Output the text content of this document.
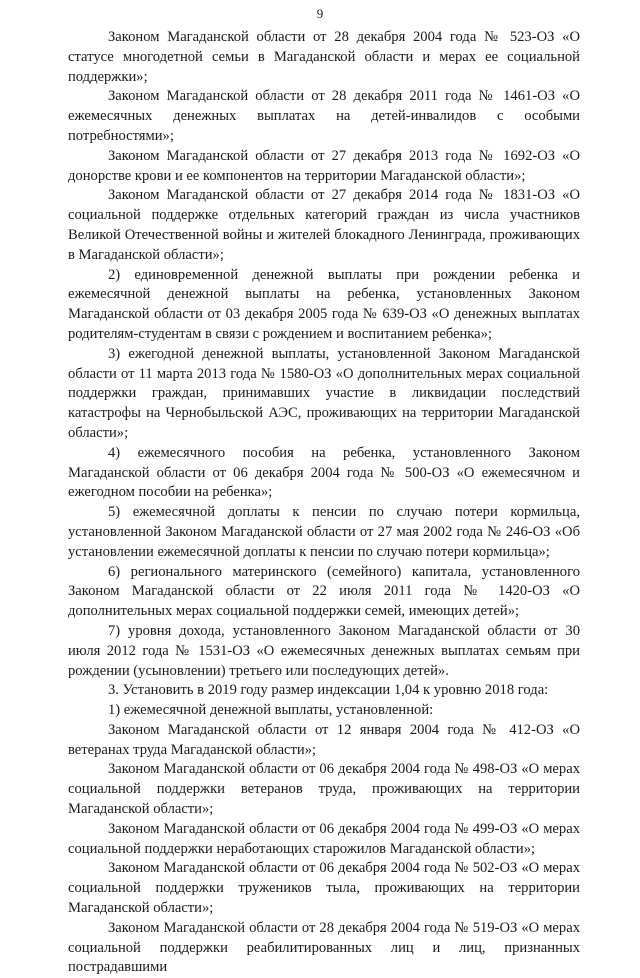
9

Законом Магаданской области от 28 декабря 2004 года № 523-ОЗ «О статусе многодетной семьи в Магаданской области и мерах ее социальной поддержки»;

Законом Магаданской области от 28 декабря 2011 года № 1461-ОЗ «О ежемесячных денежных выплатах на детей-инвалидов с особыми потребностями»;

Законом Магаданской области от 27 декабря 2013 года № 1692-ОЗ «О донорстве крови и ее компонентов на территории Магаданской области»;

Законом Магаданской области от 27 декабря 2014 года № 1831-ОЗ «О социальной поддержке отдельных категорий граждан из числа участников Великой Отечественной войны и жителей блокадного Ленинграда, проживающих в Магаданской области»;

2) единовременной денежной выплаты при рождении ребенка и ежемесячной денежной выплаты на ребенка, установленных Законом Магаданской области от 03 декабря 2005 года № 639-ОЗ «О денежных выплатах родителям-студентам в связи с рождением и воспитанием ребенка»;

3) ежегодной денежной выплаты, установленной Законом Магаданской области от 11 марта 2013 года № 1580-ОЗ «О дополнительных мерах социальной поддержки граждан, принимавших участие в ликвидации последствий катастрофы на Чернобыльской АЭС, проживающих на территории Магаданской области»;

4) ежемесячного пособия на ребенка, установленного Законом Магаданской области от 06 декабря 2004 года № 500-ОЗ «О ежемесячном и ежегодном пособии на ребенка»;

5) ежемесячной доплаты к пенсии по случаю потери кормильца, установленной Законом Магаданской области от 27 мая 2002 года № 246-ОЗ «Об установлении ежемесячной доплаты к пенсии по случаю потери кормильца»;

6) регионального материнского (семейного) капитала, установленного Законом Магаданской области от 22 июля 2011 года № 1420-ОЗ «О дополнительных мерах социальной поддержки семей, имеющих детей»;

7) уровня дохода, установленного Законом Магаданской области от 30 июля 2012 года № 1531-ОЗ «О ежемесячных денежных выплатах семьям при рождении (усыновлении) третьего или последующих детей».

3. Установить в 2019 году размер индексации 1,04 к уровню 2018 года:

1) ежемесячной денежной выплаты, установленной:

Законом Магаданской области от 12 января 2004 года № 412-ОЗ «О ветеранах труда Магаданской области»;

Законом Магаданской области от 06 декабря 2004 года № 498-ОЗ «О мерах социальной поддержки ветеранов труда, проживающих на территории Магаданской области»;

Законом Магаданской области от 06 декабря 2004 года № 499-ОЗ «О мерах социальной поддержки неработающих старожилов Магаданской области»;

Законом Магаданской области от 06 декабря 2004 года № 502-ОЗ «О мерах социальной поддержки тружеников тыла, проживающих на территории Магаданской области»;

Законом Магаданской области от 28 декабря 2004 года № 519-ОЗ «О мерах социальной поддержки реабилитированных лиц и лиц, признанных пострадавшими
